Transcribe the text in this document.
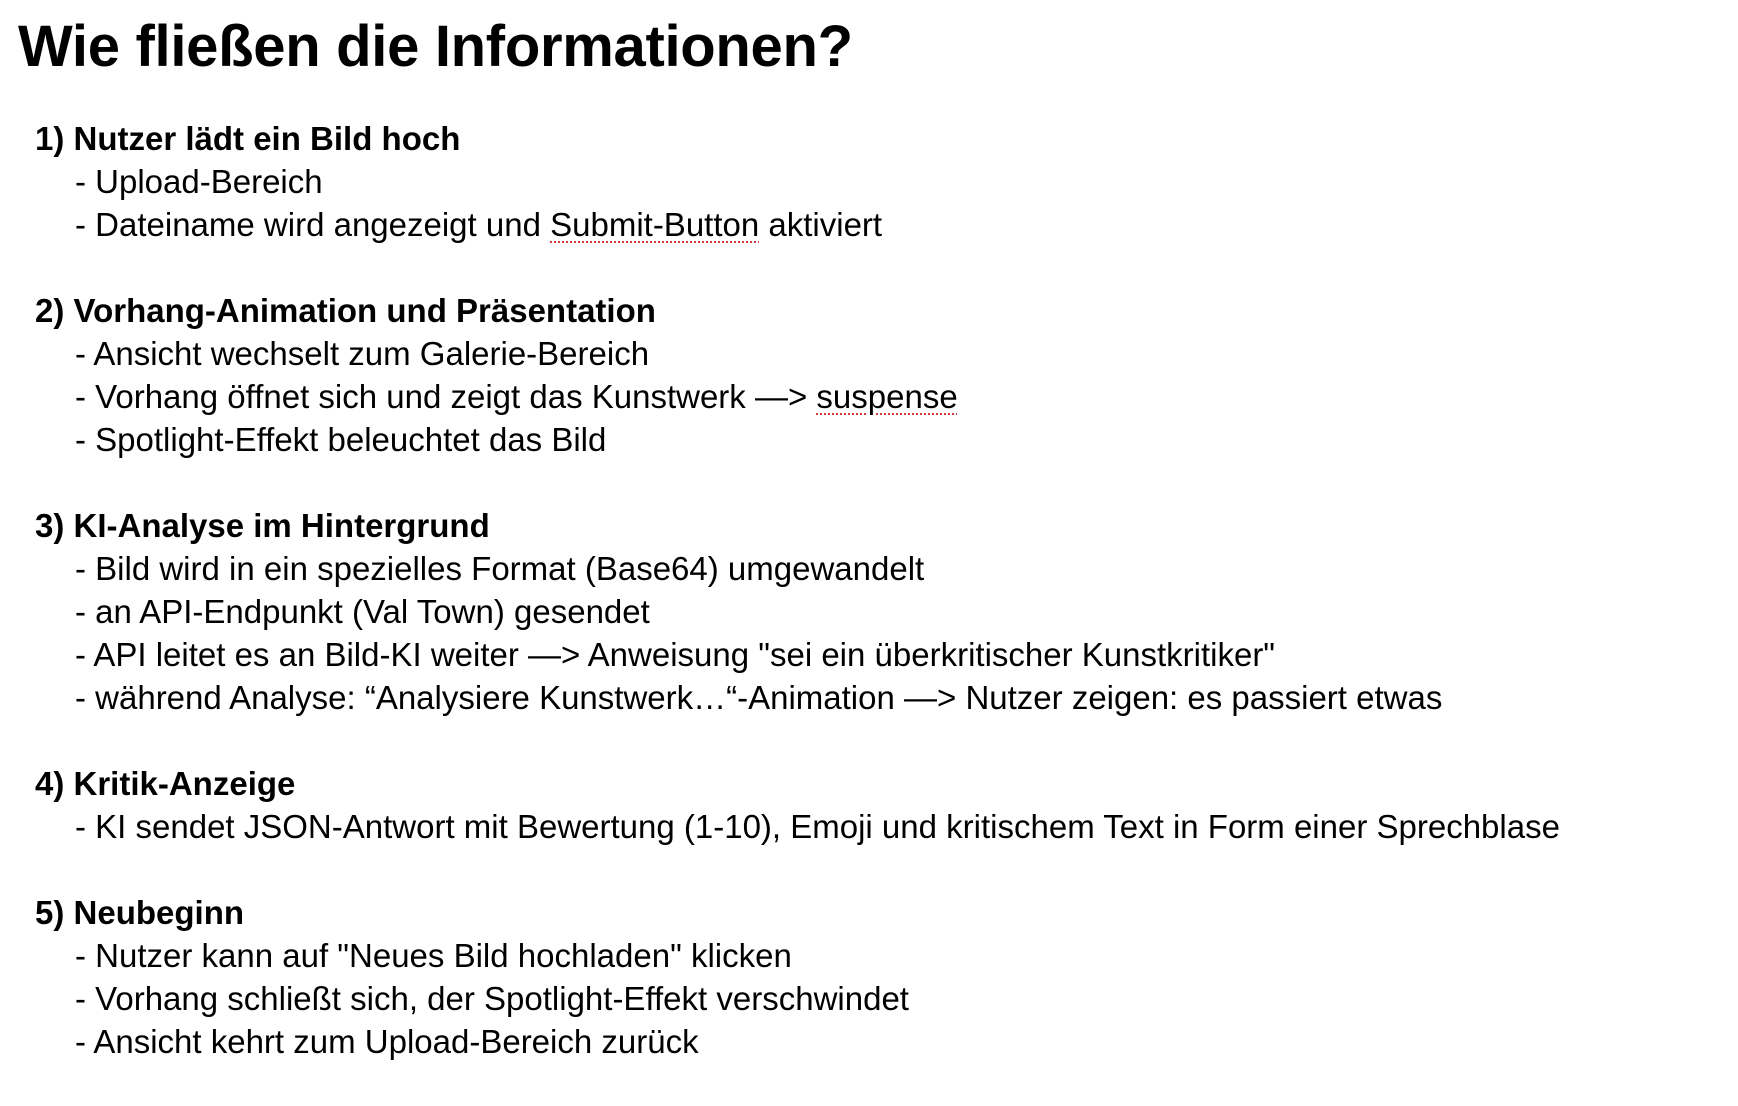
Wie fließen die Informationen?
1) Nutzer lädt ein Bild hoch
- Upload-Bereich
- Dateiname wird angezeigt und Submit-Button aktiviert
2) Vorhang-Animation und Präsentation
- Ansicht wechselt zum Galerie-Bereich
- Vorhang öffnet sich und zeigt das Kunstwerk —> suspense
- Spotlight-Effekt beleuchtet das Bild
3) KI-Analyse im Hintergrund
- Bild wird in ein spezielles Format (Base64) umgewandelt
- an API-Endpunkt (Val Town) gesendet
- API leitet es an Bild-KI weiter —> Anweisung "sei ein überkritischer Kunstkritiker"
- während Analyse: “Analysiere Kunstwerk…“-Animation —> Nutzer zeigen: es passiert etwas
4) Kritik-Anzeige
- KI sendet JSON-Antwort mit Bewertung (1-10), Emoji und kritischem Text in Form einer Sprechblase
5) Neubeginn
- Nutzer kann auf "Neues Bild hochladen" klicken
- Vorhang schließt sich, der Spotlight-Effekt verschwindet
- Ansicht kehrt zum Upload-Bereich zurück
